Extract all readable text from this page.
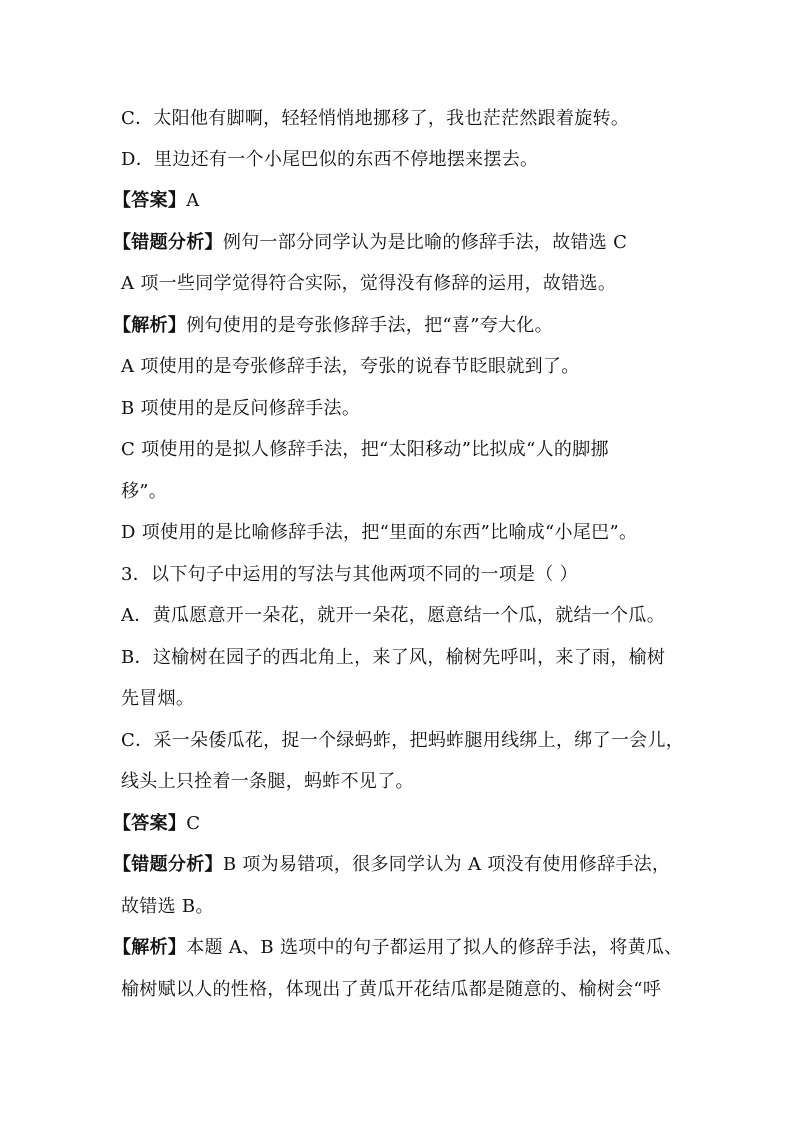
C．太阳他有脚啊，轻轻悄悄地挪移了，我也茫茫然跟着旋转。
D．里边还有一个小尾巴似的东西不停地摆来摆去。
【答案】A
【错题分析】例句一部分同学认为是比喻的修辞手法，故错选 C
A 项一些同学觉得符合实际，觉得没有修辞的运用，故错选。
【解析】例句使用的是夸张修辞手法，把“喜”夸大化。
A 项使用的是夸张修辞手法，夸张的说春节眨眼就到了。
B 项使用的是反问修辞手法。
C 项使用的是拟人修辞手法，把“太阳移动”比拟成“人的脚挪
移”。
D 项使用的是比喻修辞手法，把“里面的东西”比喻成“小尾巴”。
3．以下句子中运用的写法与其他两项不同的一项是（ ）
A．黄瓜愿意开一朵花，就开一朵花，愿意结一个瓜，就结一个瓜。
B．这榆树在园子的西北角上，来了风，榆树先呼叫，来了雨，榆树
先冒烟。
C．采一朵倭瓜花，捉一个绿蚂蚱，把蚂蚱腿用线绑上，绑了一会儿，
线头上只拴着一条腿，蚂蚱不见了。
【答案】C
【错题分析】B 项为易错项，很多同学认为 A 项没有使用修辞手法，
故错选 B。
【解析】本题 A、B 选项中的句子都运用了拟人的修辞手法，将黄瓜、
榆树赋以人的性格，体现出了黄瓜开花结瓜都是随意的、榆树会“呼
